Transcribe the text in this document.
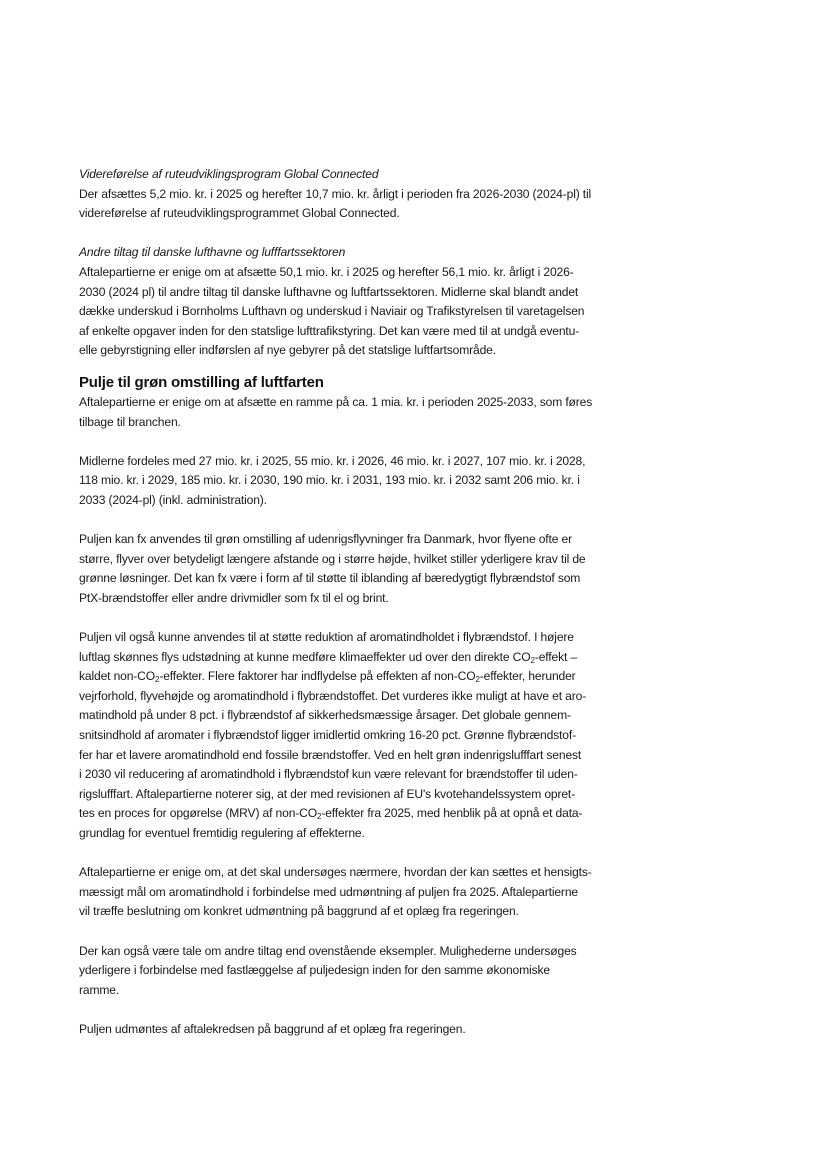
Videreførelse af ruteudviklingsprogram Global Connected
Der afsættes 5,2 mio. kr. i 2025 og herefter 10,7 mio. kr. årligt i perioden fra 2026-2030 (2024-pl) til
videreførelse af ruteudviklingsprogrammet Global Connected.
Andre tiltag til danske lufthavne og lufffartssektoren
Aftalepartierne er enige om at afsætte 50,1 mio. kr. i 2025 og herefter 56,1 mio. kr. årligt i 2026-
2030 (2024 pl) til andre tiltag til danske lufthavne og luftfartssektoren. Midlerne skal blandt andet
dække underskud i Bornholms Lufthavn og underskud i Naviair og Trafikstyrelsen til varetagelsen
af enkelte opgaver inden for den statslige lufttrafikstyring. Det kan være med til at undgå eventu-
elle gebyrstigning eller indførslen af nye gebyrer på det statslige luftfartsområde.
Pulje til grøn omstilling af luftfarten
Aftalepartierne er enige om at afsætte en ramme på ca. 1 mia. kr. i perioden 2025-2033, som føres
tilbage til branchen.
Midlerne fordeles med 27 mio. kr. i 2025, 55 mio. kr. i 2026, 46 mio. kr. i 2027, 107 mio. kr. i 2028,
118 mio. kr. i 2029, 185 mio. kr. i 2030, 190 mio. kr. i 2031, 193 mio. kr. i 2032 samt 206 mio. kr. i
2033 (2024-pl) (inkl. administration).
Puljen kan fx anvendes til grøn omstilling af udenrigsflyvninger fra Danmark, hvor flyene ofte er
større, flyver over betydeligt længere afstande og i større højde, hvilket stiller yderligere krav til de
grønne løsninger. Det kan fx være i form af til støtte til iblanding af bæredygtigt flybrændstof som
PtX-brændstoffer eller andre drivmidler som fx til el og brint.
Puljen vil også kunne anvendes til at støtte reduktion af aromatindholdet i flybrændstof. I højere
luftlag skønnes flys udstødning at kunne medføre klimaeffekter ud over den direkte $CO_2$-effekt –
kaldet non-$CO_2$-effekter. Flere faktorer har indflydelse på effekten af non-$CO_2$-effekter, herunder
vejrforhold, flyvehøjde og aromatindhold i flybrændstoffet. Det vurderes ikke muligt at have et aro-
matindhold på under 8 pct. i flybrændstof af sikkerhedsmæssige årsager. Det globale gennem-
snitsindhold af aromater i flybrændstof ligger imidlertid omkring 16-20 pct. Grønne flybrændstof-
fer har et lavere aromatindhold end fossile brændstoffer. Ved en helt grøn indenrigslufffart senest
i 2030 vil reducering af aromatindhold i flybrændstof kun være relevant for brændstoffer til uden-
rigslufffart. Aftalepartierne noterer sig, at der med revisionen af EU's kvotehandelssystem opret-
tes en proces for opgørelse (MRV) af non-$CO_2$-effekter fra 2025, med henblik på at opnå et data-
grundlag for eventuel fremtidig regulering af effekterne.
Aftalepartierne er enige om, at det skal undersøges nærmere, hvordan der kan sættes et hensigts-
mæssigt mål om aromatindhold i forbindelse med udmøntning af puljen fra 2025. Aftalepartierne
vil træffe beslutning om konkret udmøntning på baggrund af et oplæg fra regeringen.
Der kan også være tale om andre tiltag end ovenstående eksempler. Mulighederne undersøges
yderligere i forbindelse med fastlæggelse af puljedesign inden for den samme økonomiske
ramme.
Puljen udmøntes af aftalekredsen på baggrund af et oplæg fra regeringen.
